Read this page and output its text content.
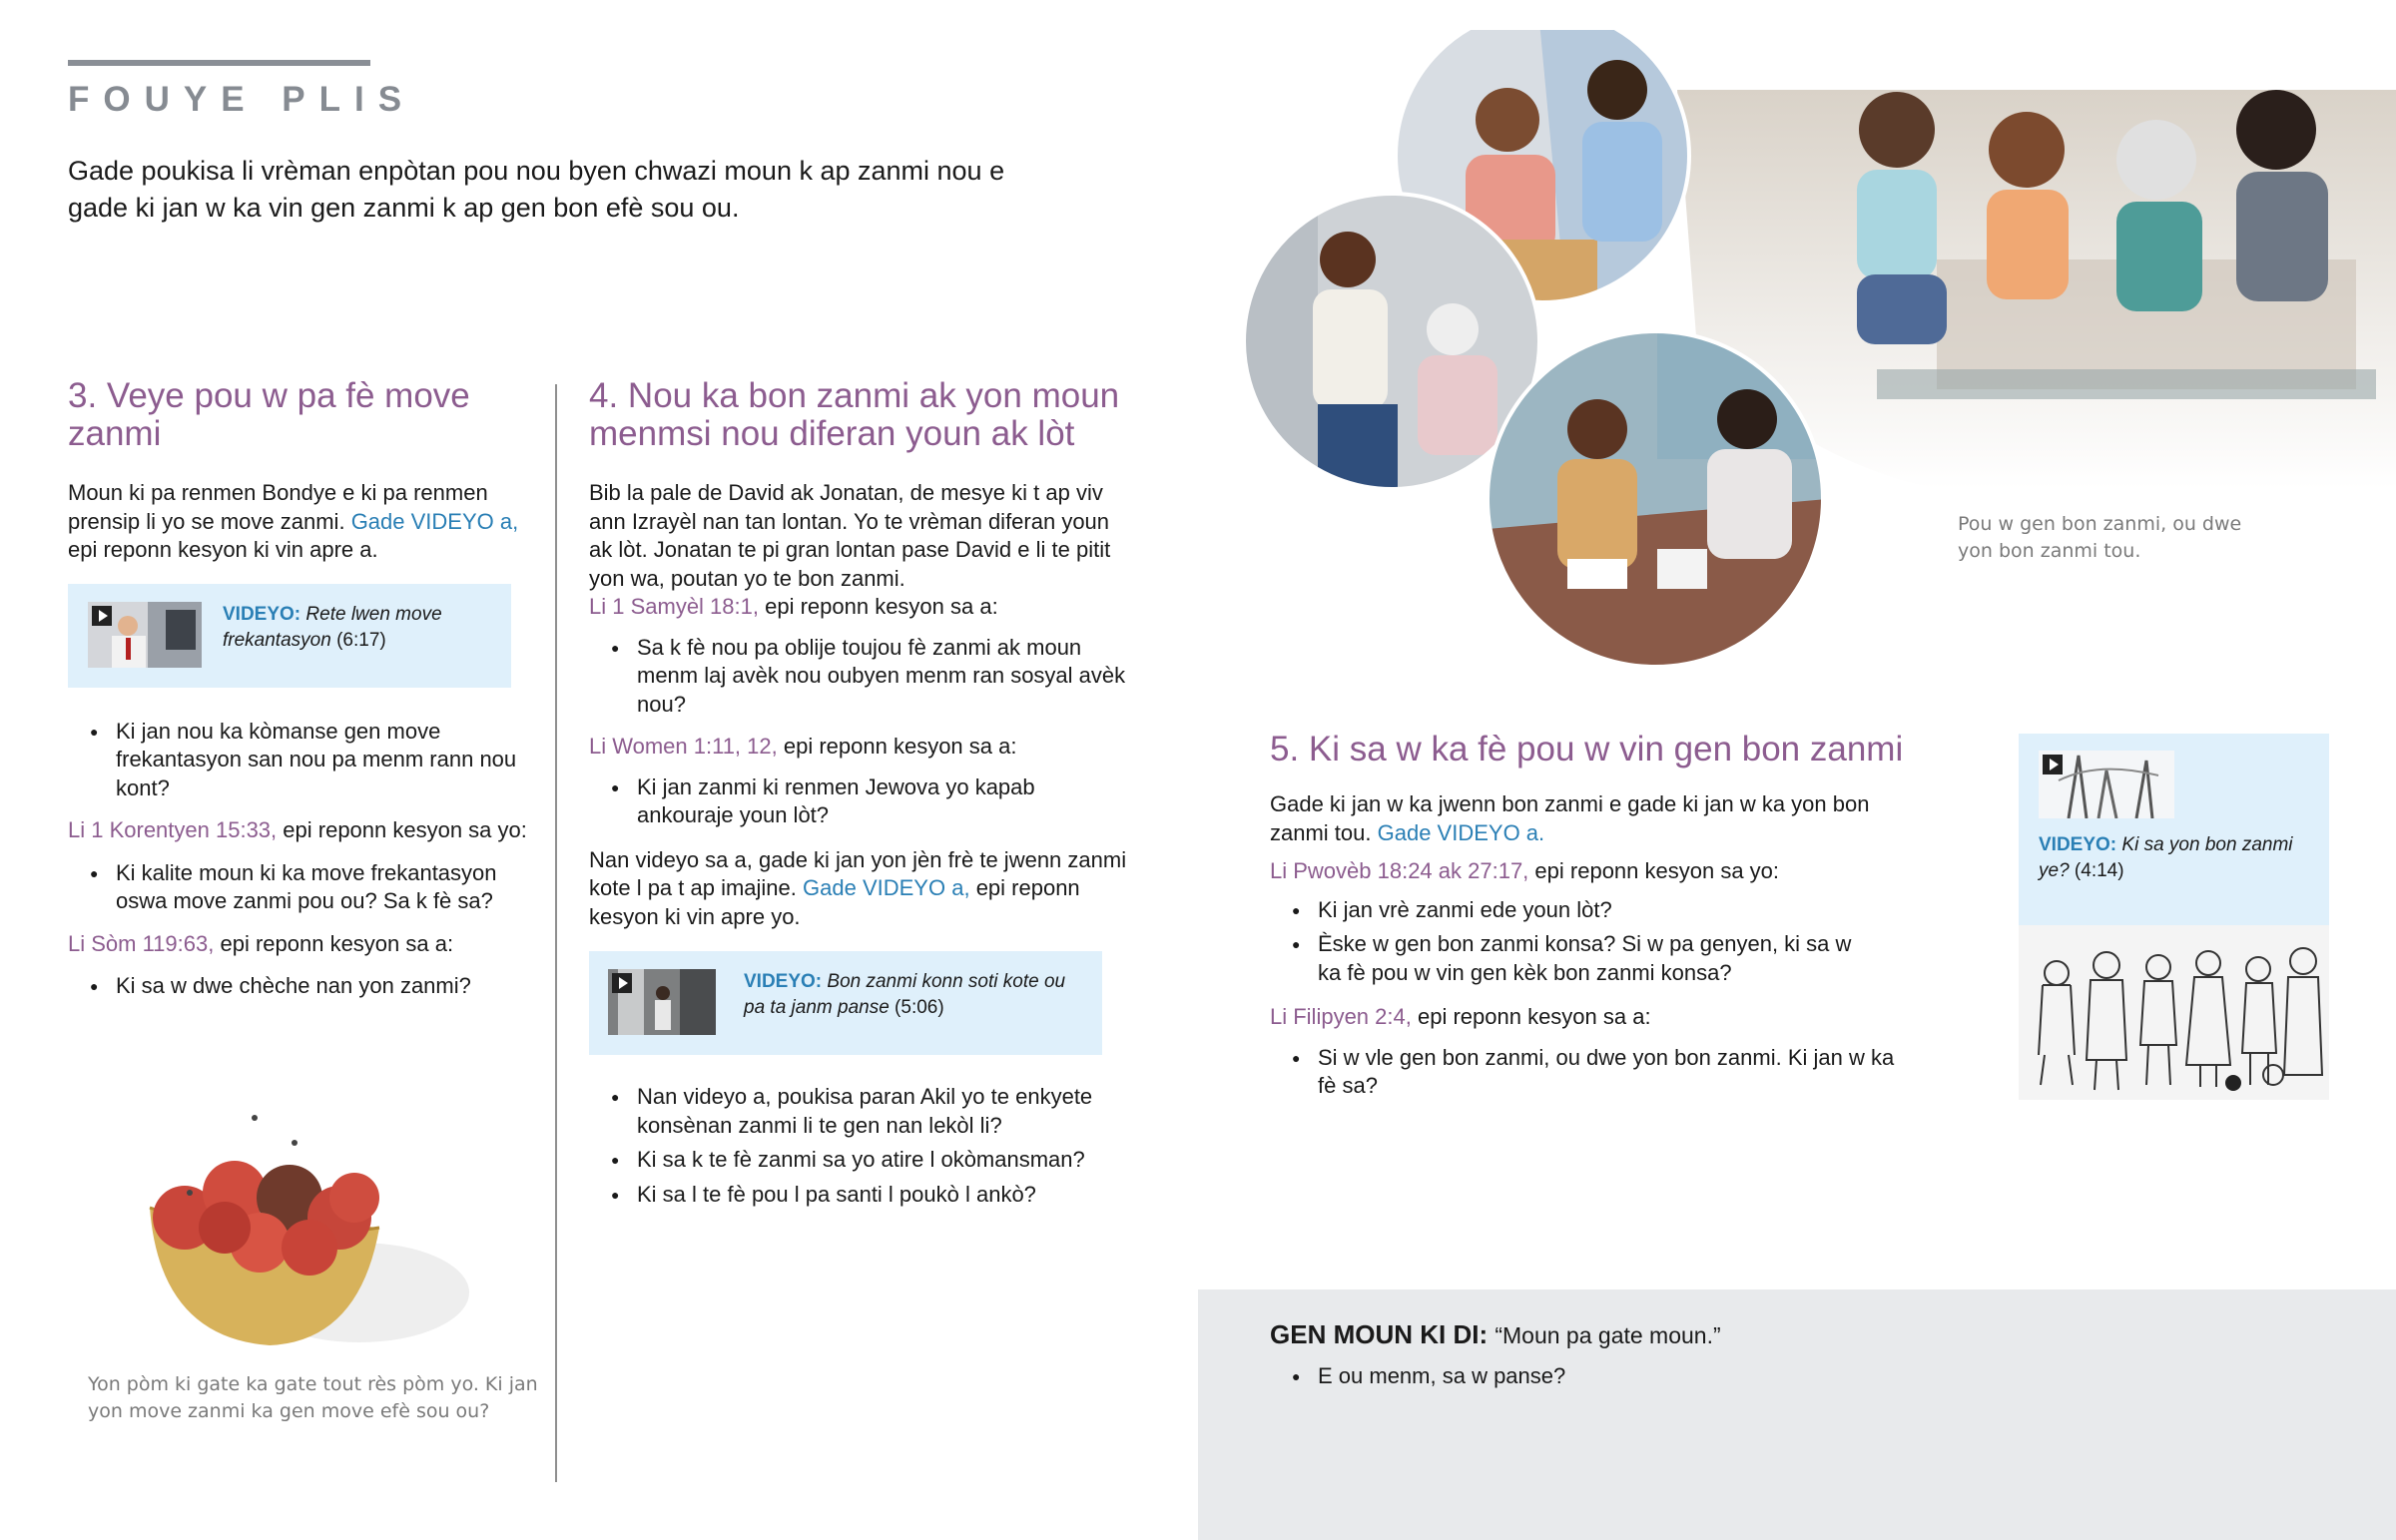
FOUYE PLIS
Gade poukisa li vrèman enpòtan pou nou byen chwazi moun k ap zanmi nou e gade ki jan w ka vin gen zanmi k ap gen bon efè sou ou.
3. Veye pou w pa fè move zanmi
Moun ki pa renmen Bondye e ki pa renmen prensip li yo se move zanmi. Gade VIDEYO a, epi reponn kesyon ki vin apre a.
VIDEYO: Rete lwen move frekantasyon (6:17)
● Ki jan nou ka kòmanse gen move frekantasyon san nou pa menm rann nou kont?
Li 1 Korentyen 15:33, epi reponn kesyon sa yo:
● Ki kalite moun ki ka move frekantasyon oswa move zanmi pou ou? Sa k fè sa?
Li Sòm 119:63, epi reponn kesyon sa a:
● Ki sa w dwe chèche nan yon zanmi?
Yon pòm ki gate ka gate tout rès pòm yo. Ki jan yon move zanmi ka gen move efè sou ou?
4. Nou ka bon zanmi ak yon moun menmsi nou diferan youn ak lòt
Bib la pale de David ak Jonatan, de mesye ki t ap viv ann Izrayèl nan tan lontan. Yo te vrèman diferan youn ak lòt. Jonatan te pi gran lontan pase David e li te pitit yon wa, poutan yo te bon zanmi.
Li 1 Samyèl 18:1, epi reponn kesyon sa a:
● Sa k fè nou pa oblije toujou fè zanmi ak moun menm laj avèk nou oubyen menm ran sosyal avèk nou?
Li Women 1:11, 12, epi reponn kesyon sa a:
● Ki jan zanmi ki renmen Jewova yo kapab ankouraje youn lòt?
Nan videyo sa a, gade ki jan yon jèn frè te jwenn zanmi kote l pa t ap imajine. Gade VIDEYO a, epi reponn kesyon ki vin apre yo.
VIDEYO: Bon zanmi konn soti kote ou pa ta janm panse (5:06)
● Nan videyo a, poukisa paran Akil yo te enkyete konsènan zanmi li te gen nan lekòl li?
● Ki sa k te fè zanmi sa yo atire l okòmansman?
● Ki sa l te fè pou l pa santi l poukò l ankò?
Pou w gen bon zanmi, ou dwe yon bon zanmi tou.
5. Ki sa w ka fè pou w vin gen bon zanmi
Gade ki jan w ka jwenn bon zanmi e gade ki jan w ka yon bon zanmi tou. Gade VIDEYO a.
Li Pwovèb 18:24 ak 27:17, epi reponn kesyon sa yo:
● Ki jan vrè zanmi ede youn lòt?
● Èske w gen bon zanmi konsa? Si w pa genyen, ki sa w ka fè pou w vin gen kèk bon zanmi konsa?
Li Filipyen 2:4, epi reponn kesyon sa a:
● Si w vle gen bon zanmi, ou dwe yon bon zanmi. Ki jan w ka fè sa?
VIDEYO: Ki sa yon bon zanmi ye? (4:14)
GEN MOUN KI DI: “Moun pa gate moun.”
● E ou menm, sa w panse?
